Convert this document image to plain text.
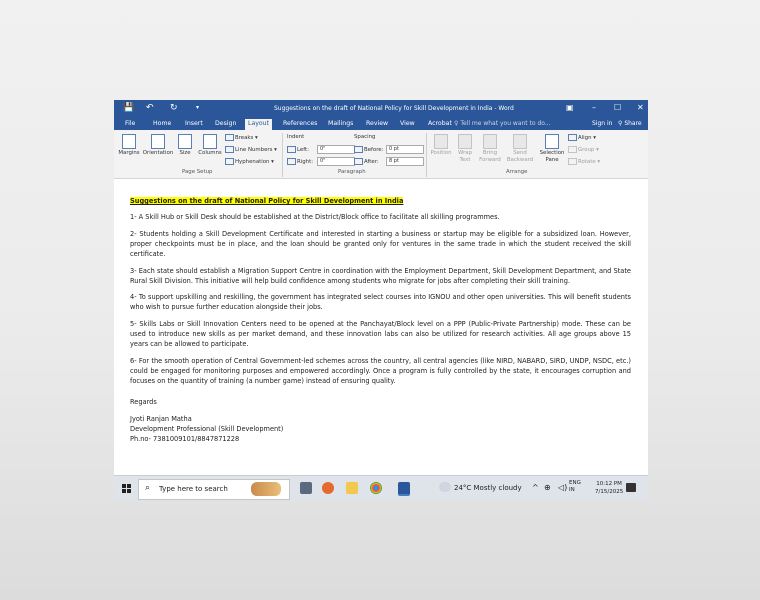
💾 ↶ ↻	▾	Suggestions on the draft of National Policy for Skill Development in India - Word	▣ – ☐ ✕
File	Home	Insert	Design	Layout	References	Mailings	Review	View	Acrobat ♀ Tell me what you want to do...	Sign in ⚲ Share
Margins Orientation	Size	Columns
Breaks ▾
Line Numbers ▾
Hyphenation ▾
Page Setup
Indent	Spacing
Left:	0"
Right:	0"
Before:	0 pt
After:	8 pt
Paragraph
Position	Wrap Text
Bring Forward
Send Backward
Selection Pane
Align ▾
Group ▾
Rotate ▾
Arrange

Suggestions on the draft of National Policy for Skill Development in India

1- A Skill Hub or Skill Desk should be established at the District/Block office to facilitate all skilling programmes.

2- Students holding a Skill Development Certificate and interested in starting a business or startup may be eligible for a subsidized loan. However, proper checkpoints must be in place, and the loan should be granted only for ventures in the same trade in which the student received the skill certificate.

3- Each state should establish a Migration Support Centre in coordination with the Employment Department, Skill Development Department, and State Rural Skill Division. This initiative will help build confidence among students who migrate for jobs after completing their skill training.

4- To support upskilling and reskilling, the government has integrated select courses into IGNOU and other open universities. This will benefit students who wish to pursue further education alongside their jobs.

5- Skills Labs or Skill Innovation Centers need to be opened at the Panchayat/Block level on a PPP (Public-Private Partnership) mode. These can be used to introduce new skills as per market demand, and these innovation labs can also be utilized for research activities. All age groups above 15 years can be allowed to participate.

6- For the smooth operation of Central Government-led schemes across the country, all central agencies (like NIRD, NABARD, SIRD, UNDP, NSDC, etc.) could be engaged for monitoring purposes and empowered accordingly. Once a program is fully controlled by the state, it encourages corruption and focuses on the quantity of training (a number game) instead of ensuring quality.

Regards

Jyoti Ranjan Matha

Development Professional (Skill Development)

Ph.no- 7381009101/8847871228

⌕ Type here to search	24°C Mostly cloudy ^ ⊕ ◁) ENG
IN
10:12 PM
7/15/2025
